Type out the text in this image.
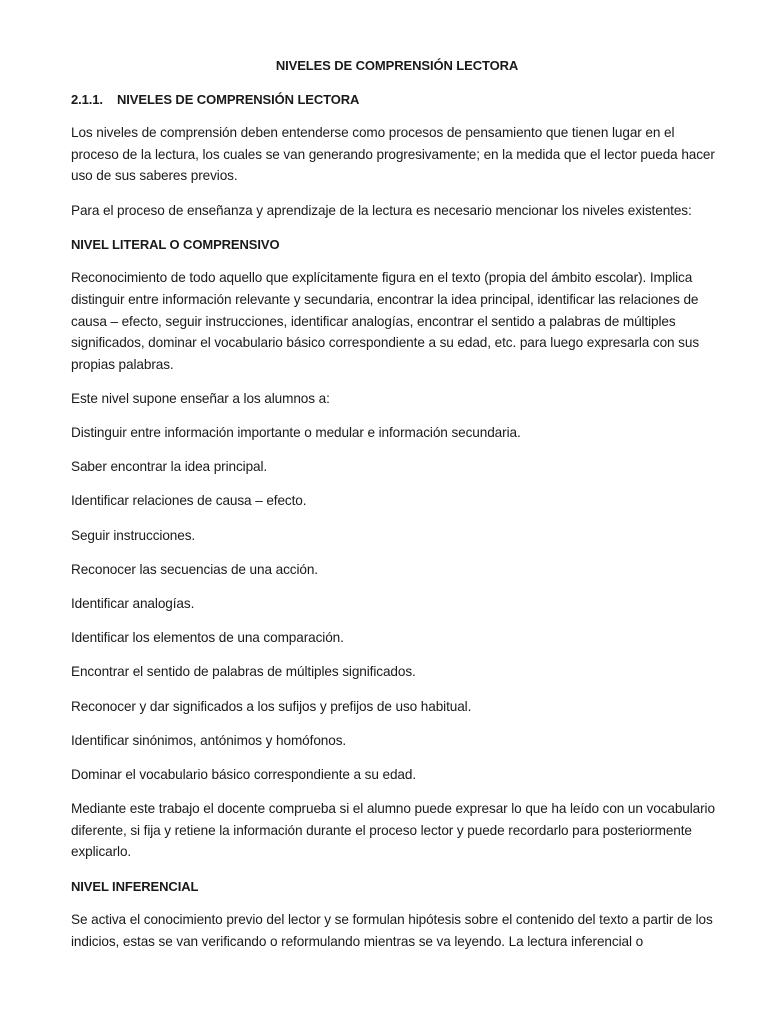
NIVELES DE COMPRENSIÓN LECTORA
2.1.1. NIVELES DE COMPRENSIÓN LECTORA

Los niveles de comprensión deben entenderse como procesos de pensamiento que tienen lugar en el proceso de la lectura, los cuales se van generando progresivamente; en la medida que el lector pueda hacer uso de sus saberes previos.

Para el proceso de enseñanza y aprendizaje de la lectura es necesario mencionar los niveles existentes:

NIVEL LITERAL O COMPRENSIVO

Reconocimiento de todo aquello que explícitamente figura en el texto (propia del ámbito escolar). Implica distinguir entre información relevante y secundaria, encontrar la idea principal, identificar las relaciones de causa – efecto, seguir instrucciones, identificar analogías, encontrar el sentido a palabras de múltiples significados, dominar el vocabulario básico correspondiente a su edad, etc. para luego expresarla con sus propias palabras.

Este nivel supone enseñar a los alumnos a:

Distinguir entre información importante o medular e información secundaria.
Saber encontrar la idea principal.
Identificar relaciones de causa – efecto.
Seguir instrucciones.
Reconocer las secuencias de una acción.
Identificar analogías.
Identificar los elementos de una comparación.
Encontrar el sentido de palabras de múltiples significados.
Reconocer y dar significados a los sufijos y prefijos de uso habitual.
Identificar sinónimos, antónimos y homófonos.
Dominar el vocabulario básico correspondiente a su edad.

Mediante este trabajo el docente comprueba si el alumno puede expresar lo que ha leído con un vocabulario diferente, si fija y retiene la información durante el proceso lector y puede recordarlo para posteriormente explicarlo.

NIVEL INFERENCIAL

Se activa el conocimiento previo del lector y se formulan hipótesis sobre el contenido del texto a partir de los indicios, estas se van verificando o reformulando mientras se va leyendo. La lectura inferencial o
